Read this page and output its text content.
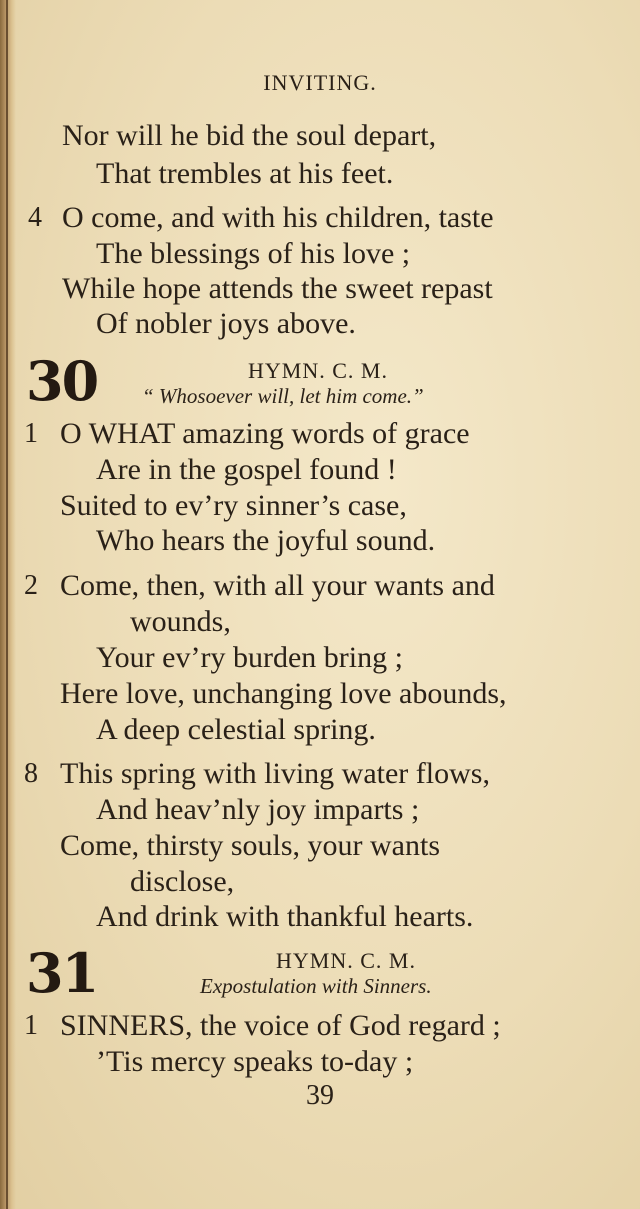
INVITING.
Nor will he bid the soul depart,
That trembles at his feet.
4 O come, and with his children, taste
The blessings of his love ;
While hope attends the sweet repast
Of nobler joys above.
30	HYMN. C. M.
“ Whosoever will, let him come.”
1 O WHAT amazing words of grace
Are in the gospel found !
Suited to ev’ry sinner’s case,
Who hears the joyful sound.
2 Come, then, with all your wants and
wounds,
Your ev’ry burden bring ;
Here love, unchanging love abounds,
A deep celestial spring.
8 This spring with living water flows,
And heav’nly joy imparts ;
Come, thirsty souls, your wants
disclose,
And drink with thankful hearts.
31	HYMN. C. M.
Expostulation with Sinners.
1 SINNERS, the voice of God regard ;
’Tis mercy speaks to-day ;
39
